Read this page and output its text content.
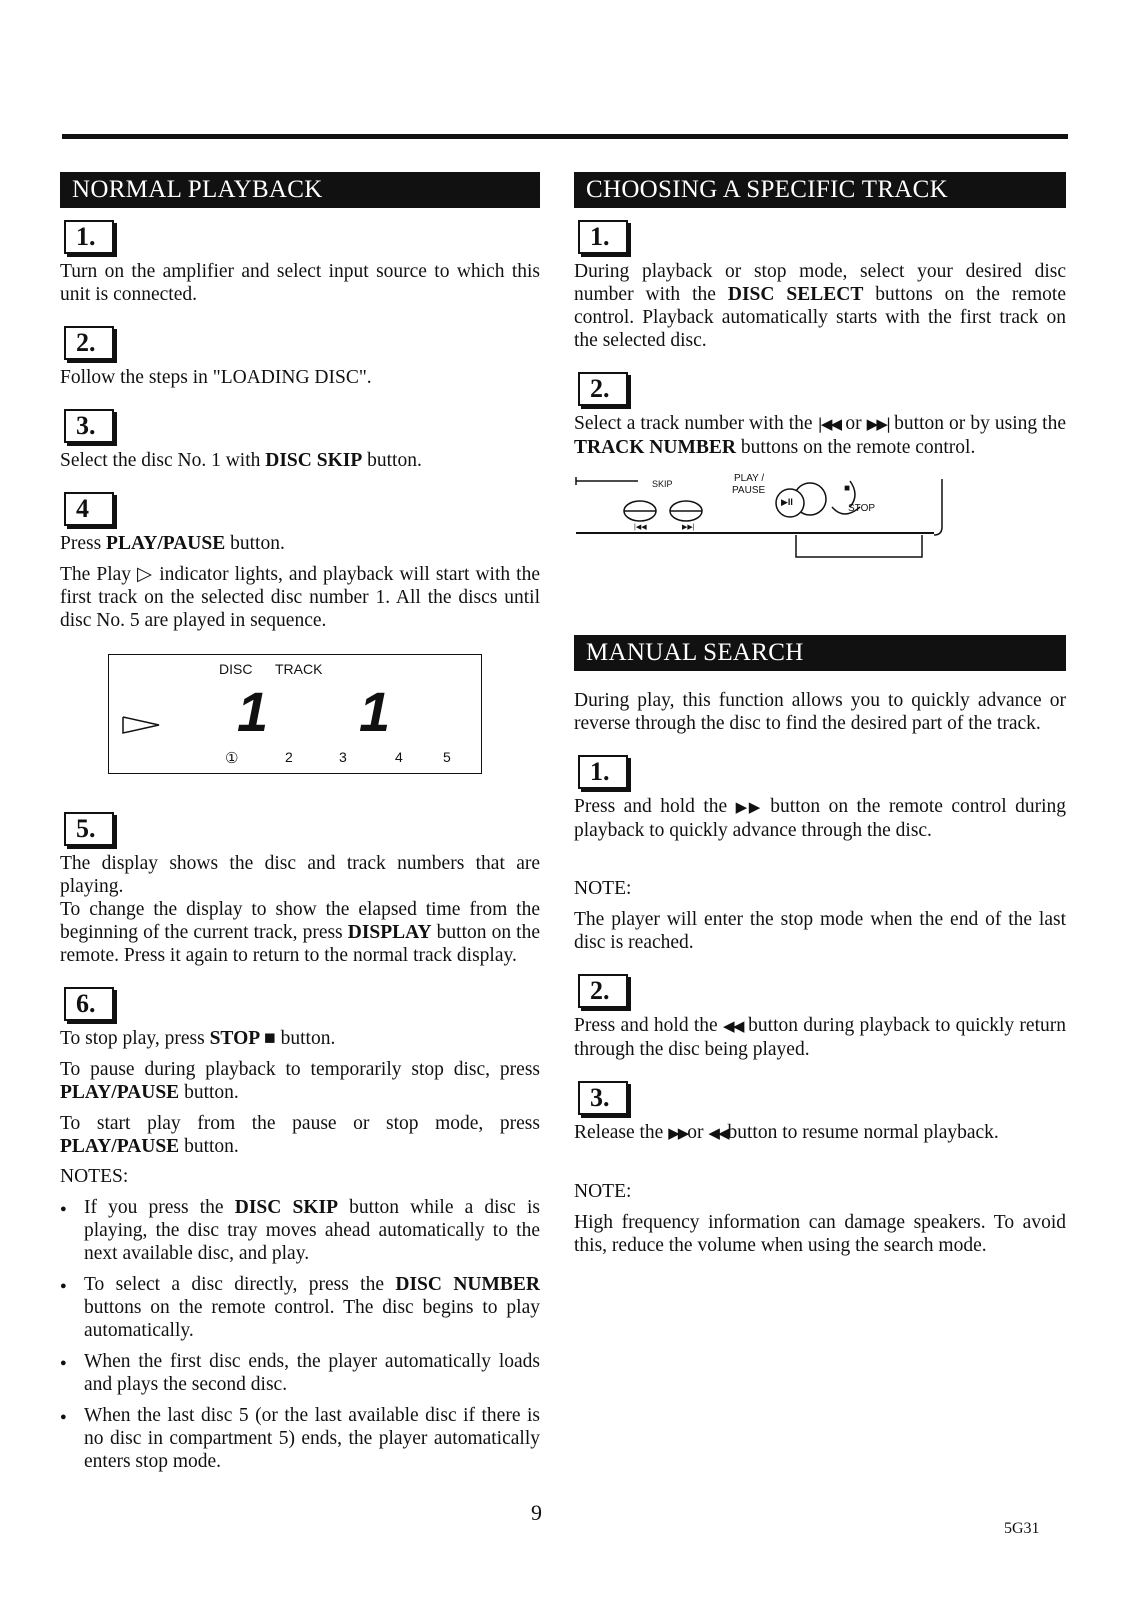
NORMAL PLAYBACK
1.

Turn on the amplifier and select input source to which this unit is connected.

2.

Follow the steps in "LOADING DISC".

3.

Select the disc No. 1 with DISC SKIP button.

4

Press PLAY/PAUSE button.

The Play ▷ indicator lights, and playback will start with the first track on the selected disc number 1. All the discs until disc No. 5 are played in sequence.

DISC TRACK
1 1
①	2	3	4	5
5.

The display shows the disc and track numbers that are playing.

To change the display to show the elapsed time from the beginning of the current track, press DISPLAY button on the remote. Press it again to return to the normal track display.

6.

To stop play, press STOP ■ button.

To pause during playback to temporarily stop disc, press PLAY/PAUSE button.

To start play from the pause or stop mode, press PLAY/PAUSE button.

NOTES:
● If you press the DISC SKIP button while a disc is playing, the disc tray moves ahead automatically to the next available disc, and play.
● To select a disc directly, press the DISC NUMBER buttons on the remote control. The disc begins to play automatically.
● When the first disc ends, the player automatically loads and plays the second disc.
● When the last disc 5 (or the last available disc if there is no disc in compartment 5) ends, the player automatically enters stop mode.
CHOOSING A SPECIFIC TRACK
1.

During playback or stop mode, select your desired disc number with the DISC SELECT buttons on the remote control. Playback automatically starts with the first track on the selected disc.

2.

Select a track number with the |◀◀ or ▶▶| button or by using the TRACK NUMBER buttons on the remote control.

SKIP	PLAY /
PAUSE
▶II
■
STOP
|◀◀	▶▶|
MANUAL SEARCH

During play, this function allows you to quickly advance or reverse through the disc to find the desired part of the track.

1.

Press and hold the ▶▶ button on the remote control during playback to quickly advance through the disc.

NOTE:

The player will enter the stop mode when the end of the last disc is reached.

2.

Press and hold the ◀◀ button during playback to quickly return through the disc being played.

3.

Release the ▶▶or ◀◀button to resume normal playback.

NOTE:

High frequency information can damage speakers. To avoid this, reduce the volume when using the search mode.

9
5G31
